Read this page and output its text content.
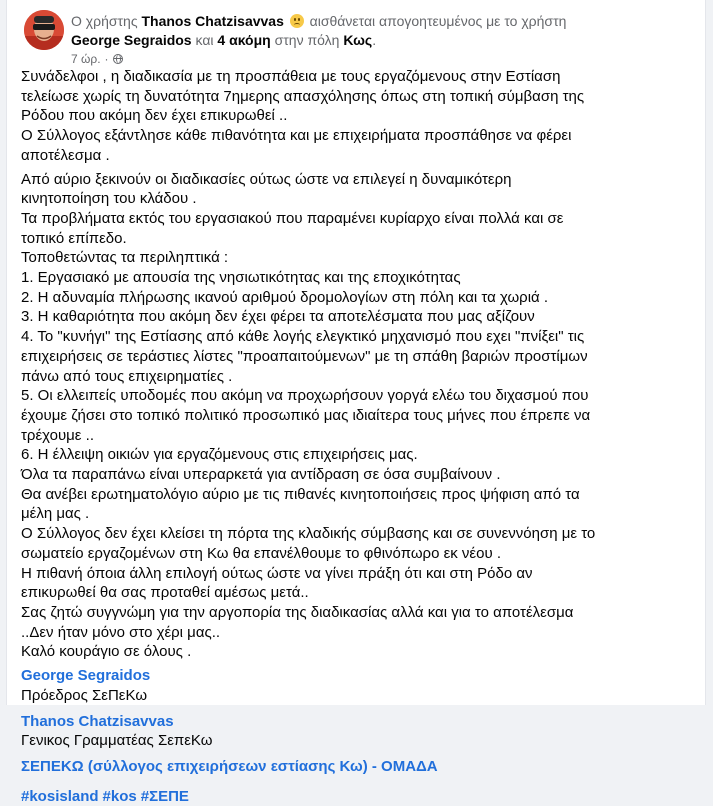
Ο χρήστης Thanos Chatzisavvas αισθάνεται απογοητευμένος με το χρήστη
George Segraidos και 4 ακόμη στην πόλη Κως.
7 ώρ. ·

Συνάδελφοι , η διαδικασία με τη προσπάθεια με τους εργαζόμενους στην Εστίαση τελείωσε χωρίς τη δυνατότητα 7ημερης απασχόλησης όπως στη τοπική σύμβαση της Ρόδου που ακόμη δεν έχει επικυρωθεί ..

Ο Σύλλογος εξάντλησε κάθε πιθανότητα και με επιχειρήματα προσπάθησε να φέρει αποτέλεσμα .

Από αύριο ξεκινούν οι διαδικασίες ούτως ώστε να επιλεγεί η δυναμικότερη κινητοποίηση του κλάδου .

Τα προβλήματα εκτός του εργασιακού που παραμένει κυρίαρχο είναι πολλά και σε τοπικό επίπεδο.

Τοποθετώντας τα περιληπτικά :

1. Εργασιακό με απουσία της νησιωτικότητας και της εποχικότητας

2. Η αδυναμία πλήρωσης ικανού αριθμού δρομολογίων στη πόλη και τα χωριά .

3. Η καθαριότητα που ακόμη δεν έχει φέρει τα αποτελέσματα που μας αξίζουν

4. Το "κυνήγι" της Εστίασης από κάθε λογής ελεγκτικό μηχανισμό που εχει "πνίξει" τις επιχειρήσεις σε τεράστιες λίστες "προαπαιτούμενων" με τη σπάθη βαριών προστίμων πάνω από τους επιχειρηματίες .

5. Οι ελλειπείς υποδομές που ακόμη να προχωρήσουν γοργά ελέω του διχασμού που έχουμε ζήσει στο τοπικό πολιτικό προσωπικό μας ιδιαίτερα τους μήνες που έπρεπε να τρέχουμε ..

6. Η έλλειψη οικιών για εργαζόμενους στις επιχειρήσεις μας.

Όλα τα παραπάνω είναι υπεραρκετά για αντίδραση σε όσα συμβαίνουν .

Θα ανέβει ερωτηματολόγιο αύριο με τις πιθανές κινητοποιήσεις προς ψήφιση από τα μέλη μας .

Ο Σύλλογος δεν έχει κλείσει τη πόρτα της κλαδικής σύμβασης και σε συνεννόηση με το σωματείο εργαζομένων στη Κω θα επανέλθουμε το φθινόπωρο εκ νέου .

Η πιθανή όποια άλλη επιλογή ούτως ώστε να γίνει πράξη ότι και στη Ρόδο αν επικυρωθεί θα σας προταθεί αμέσως μετά..

Σας ζητώ συγγνώμη για την αργοπορία της διαδικασίας αλλά και για το αποτέλεσμα ..Δεν ήταν μόνο στο χέρι μας..

Καλό κουράγιο σε όλους .

George Segraidos
Πρόεδρος ΣεΠεΚω
Thanos Chatzisavvas
Γενικος Γραμματέας ΣεπεΚω
ΣΕΠΕΚΩ (σύλλογος επιχειρήσεων εστίασης Κω) - ΟΜΑΔΑ
#kosisland #kos #ΣΕΠΕ
